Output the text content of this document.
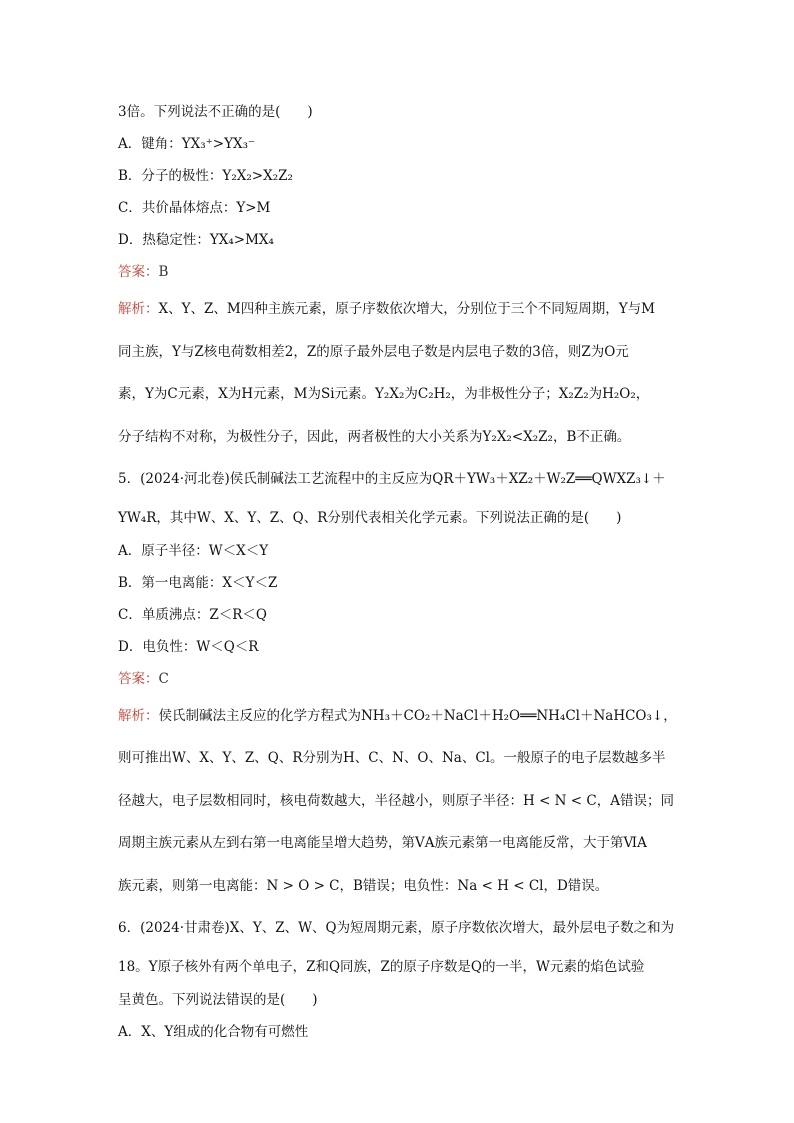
3倍。下列说法不正确的是(　　)
A．键角：YX₃⁺>YX₃⁻
B．分子的极性：Y₂X₂>X₂Z₂
C．共价晶体熔点：Y>M
D．热稳定性：YX₄>MX₄
答案：B
解析：X、Y、Z、M四种主族元素，原子序数依次增大，分别位于三个不同短周期，Y与M
同主族，Y与Z核电荷数相差2，Z的原子最外层电子数是内层电子数的3倍，则Z为O元
素，Y为C元素，X为H元素，M为Si元素。Y₂X₂为C₂H₂，为非极性分子；X₂Z₂为H₂O₂，
分子结构不对称，为极性分子，因此，两者极性的大小关系为Y₂X₂<X₂Z₂，B不正确。
5．(2024·河北卷)侯氏制碱法工艺流程中的主反应为QR＋YW₃＋XZ₂＋W₂Z══QWXZ₃↓＋
YW₄R，其中W、X、Y、Z、Q、R分别代表相关化学元素。下列说法正确的是(　　)
A．原子半径：W＜X＜Y
B．第一电离能：X＜Y＜Z
C．单质沸点：Z＜R＜Q
D．电负性：W＜Q＜R
答案：C
解析：侯氏制碱法主反应的化学方程式为NH₃＋CO₂＋NaCl＋H₂O══NH₄Cl＋NaHCO₃↓，
则可推出W、X、Y、Z、Q、R分别为H、C、N、O、Na、Cl。一般原子的电子层数越多半
径越大，电子层数相同时，核电荷数越大，半径越小，则原子半径：H < N < C，A错误；同
周期主族元素从左到右第一电离能呈增大趋势，第ⅤA族元素第一电离能反常，大于第ⅥA
族元素，则第一电离能：N > O > C，B错误；电负性：Na < H < Cl，D错误。
6．(2024·甘肃卷)X、Y、Z、W、Q为短周期元素，原子序数依次增大，最外层电子数之和为
18。Y原子核外有两个单电子，Z和Q同族，Z的原子序数是Q的一半，W元素的焰色试验
呈黄色。下列说法错误的是(　　)
A．X、Y组成的化合物有可燃性
